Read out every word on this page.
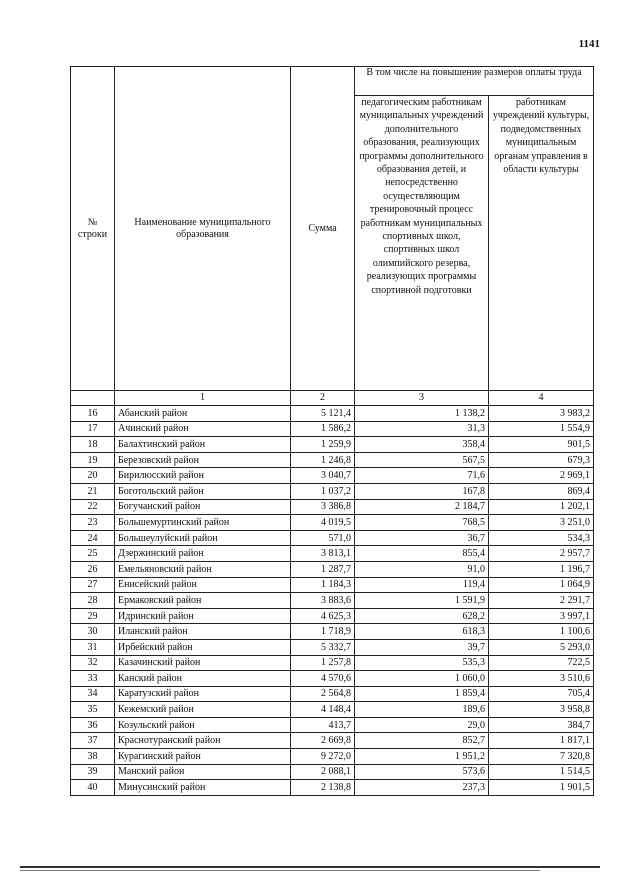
1141
№ строки	Наименование муниципального образования	Сумма	В том числе на повышение размеров оплаты труда	
			педагогическим работникам муниципальных учреждений дополнительного образования, реализующих программы дополнительного образования детей, и непосредственно осуществляющим тренировочный процесс работникам муниципальных спортивных школ, спортивных школ олимпийского резерва, реализующих программы спортивной подготовки	работникам учреждений культуры, подведомственных муниципальным органам управления в области культуры
	1	2	3	4
16	Абанский район	5 121,4	1 138,2	3 983,2
17	Ачинский район	1 586,2	31,3	1 554,9
18	Балахтинский район	1 259,9	358,4	901,5
19	Березовский район	1 246,8	567,5	679,3
20	Бирилюсский район	3 040,7	71,6	2 969,1
21	Боготольский район	1 037,2	167,8	869,4
22	Богучанский район	3 386,8	2 184,7	1 202,1
23	Большемуртинский район	4 019,5	768,5	3 251,0
24	Большеулуйский район	571,0	36,7	534,3
25	Дзержинский район	3 813,1	855,4	2 957,7
26	Емельяновский район	1 287,7	91,0	1 196,7
27	Енисейский район	1 184,3	119,4	1 064,9
28	Ермаковский район	3 883,6	1 591,9	2 291,7
29	Идринский район	4 625,3	628,2	3 997,1
30	Иланский район	1 718,9	618,3	1 100,6
31	Ирбейский район	5 332,7	39,7	5 293,0
32	Казачинский район	1 257,8	535,3	722,5
33	Канский район	4 570,6	1 060,0	3 510,6
34	Каратузский район	2 564,8	1 859,4	705,4
35	Кежемский район	4 148,4	189,6	3 958,8
36	Козульский район	413,7	29,0	384,7
37	Краснотуранский район	2 669,8	852,7	1 817,1
38	Курагинский район	9 272,0	1 951,2	7 320,8
39	Манский район	2 088,1	573,6	1 514,5
40	Минусинский район	2 138,8	237,3	1 901,5
